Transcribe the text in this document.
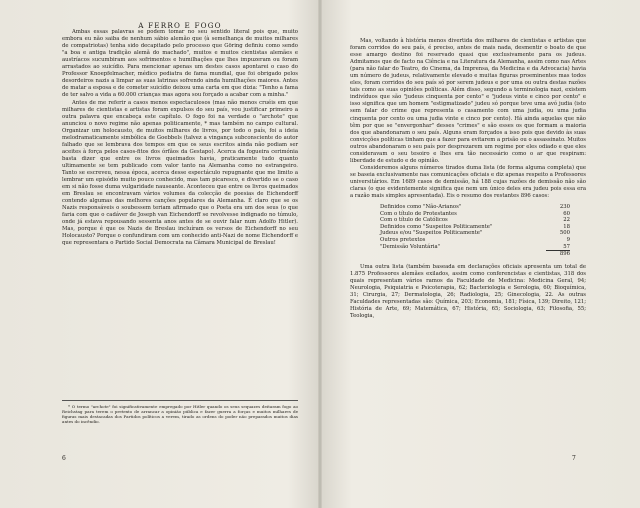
A FERRO E FOGO

Ambas essas palavras se podem tomar no seu sentido literal pois que, muito embora eu não saiba de nenhum sábio alemão que (à semelhança de muitos milhares de compatriotas) tenha sido decapitado pelo processo que Göring definiu como sendo "a boa e antiga tradição alemã do machado", muitos e muitos cientistas alemães e austríacos sucumbiram aos sofrimentos e humilhações que lhes impuzeram ou foram arrastados ao suicídio. Para mencionar apenas um destes casos apontarei o caso do Professor Knoepfelmacher, médico pediatra de fama mundial, que foi obrigado pelos desordeiros nazis a limpar as suas latrinas sofrendo ainda humilhações maiores. Antes de matar a esposa e de cometer suicídio deixou uma carta em que dizia: "Tenho a fama de ter salvo a vida a 60.000 crianças mas agora sou forçado a acabar com a minha."

Antes de me referir a casos menos espectaculosos (mas não menos cruéis em que milhares de cientistas e artistas foram expulsos do seu país, vou justificar primeiro a outra palavra que encabeça este capítulo. O fogo foi na verdade o "archote" que anunciou o novo regime não apenas politicamente, * mas também no campo cultural. Organizar um holocausto, de muitos milhares de livros, por todo o país, foi a ideia melodramaticamente simbólica de Goebbels (talvez a vingança subconsciente do autor falhado que se lembrava dos tempos em que os seus escritos ainda não podiam ser aceites à força pelos casos-fitos dos órfãos da Gestapo). Acerca da fogueira cerimónia basta dizer que entre os livros queimados havia, praticamente tudo quanto ultimamente se tem publicado com valor tanto na Alemanha como no estrangeiro. Tanto se escreveu, nessa época, acerca desse espectáculo repugnante que me limito a lembrar um episódio muito pouco conhecido, mas tam picaresco, e divertido se o caso em si não fosse duma vulgaridade nauseante. Aconteceu que entre os livros queimados em Breslau se encontravam vários volumes da colecção de poesias de Eichendorff contendo algumas das melhores canções populares da Alemanha. É claro que se os Nazis responsáveis o soubessem teriam afirmado que o Poeta era um dos seus (o que faria com que o cadáver de Joseph van Eichendorff se revolvesse indignado no túmulo, onde já estava repousando sessenta anos antes de se ouvir falar num Adolfo Hitler). Mas, porque é que os Nazis de Breslau incluíram os versos de Eichendorff no seu Holocausto? Porque o confundiram com um conhecido anti-Nazi de nome Eichendorff e que representara o Partido Social Democrata na Câmara Municipal de Breslau!

* O termo "archote" foi significativamente empregado por Hitler quando os seus sequazes deitaram fogo ao Reichstag para terem o pretexto de arrancar a opinião pública e fazer guerra a forças e muitos milhares de figuras mais destacadas dos Partidos políticos a verem, tirado as ordens do poder não preparados muitos dias antes do incêndio.
6

Mas, voltando à história menos divertida dos milhares de cientistas e artistas que foram corridos do seu país, é preciso, antes de mais nada, desmentir o boato de que esse amargo destino foi reservado quasi que exclusivamente para os judeus. Admitamos que de facto na Ciência e na Literatura da Alemanha, assim como nas Artes (para não falar do Teatro, do Cinema, da Imprensa, da Medicina e da Advocacia) havia um número de judeus, relativamente elevado e muitas figuras proeminentes mas todos eles, foram corridos do seu país só por serem judeus e por uma ou outra destas razões tais como as suas opiniões políticas. Além disso, segundo a terminologia nazi, existem indivíduos que são "judeus cinquenta por cento" e "judeus vinte e cinco por cento" e isso significa que um homem "estigmatizado" judeu só porque teve uma avó judia (isto sem falar do crime que representa o casamento com uma judia, ou uma judia cinquenta por cento ou uma judia vinte e cinco por cento). Há ainda aquelas que não têm por que se "envergonhar" desses "crimes" e são esses os que formam a maioria dos que abandonaram o seu país. Alguns eram forçados a isso pois que devido às suas convicções políticas tinham que a fazer para evitarem a prisão ou o assassinato. Muitos outros abandonaram o seu país por desprezarem um regime por eles odiado e que eles consideravam o seu tesoiro e lhes era tão necessário como o ar que respiram: liberdade de estudo e de opinião.

Consideremos alguns números tirados duma lista (de forma alguma completa) que se baseia exclusivamente nas comunicações oficiais e diz apenas respeito a Professores universitários. Em 1689 casos de demissão, há 188 cujas razões de demissão não são claras (o que evidentemente significa que nem um único deles era judeu pois essa era a razão mais simples apresentada). Eis o resumo dos restantes 896 casos:

Definidos como "Não-Arianos"	230
Com o título de Protestantes	60
Com o título de Católicos	22
Definidos como "Suspeitos Politicamente"	18
Judeus e/ou "Suspeitos Politicamente"	500
Outros pretextos	9
"Demissão Voluntária"	57
896

Uma outra lista (também baseada em declarações oficiais apresenta um total de 1.875 Professores alemães exilados, assim como conferencistas e cientistas, 318 dos quais representam vários ramos da Faculdade de Medicina: Medicina Geral, 94; Neurologia, Psiquiatria e Psicoterapia, 62; Bacteriologia e Serologia, 60; Bioquímica, 31; Cirurgia, 27; Dermatologia, 26; Radiologia, 25; Ginecologia, 22. As outras Faculdades representadas são: Química, 203; Economia, 181; Física, 139; Direito, 121; História de Arte, 69; Matemática, 67; História, 65; Sociologia, 63; Filosofia, 55; Teologia,

7
